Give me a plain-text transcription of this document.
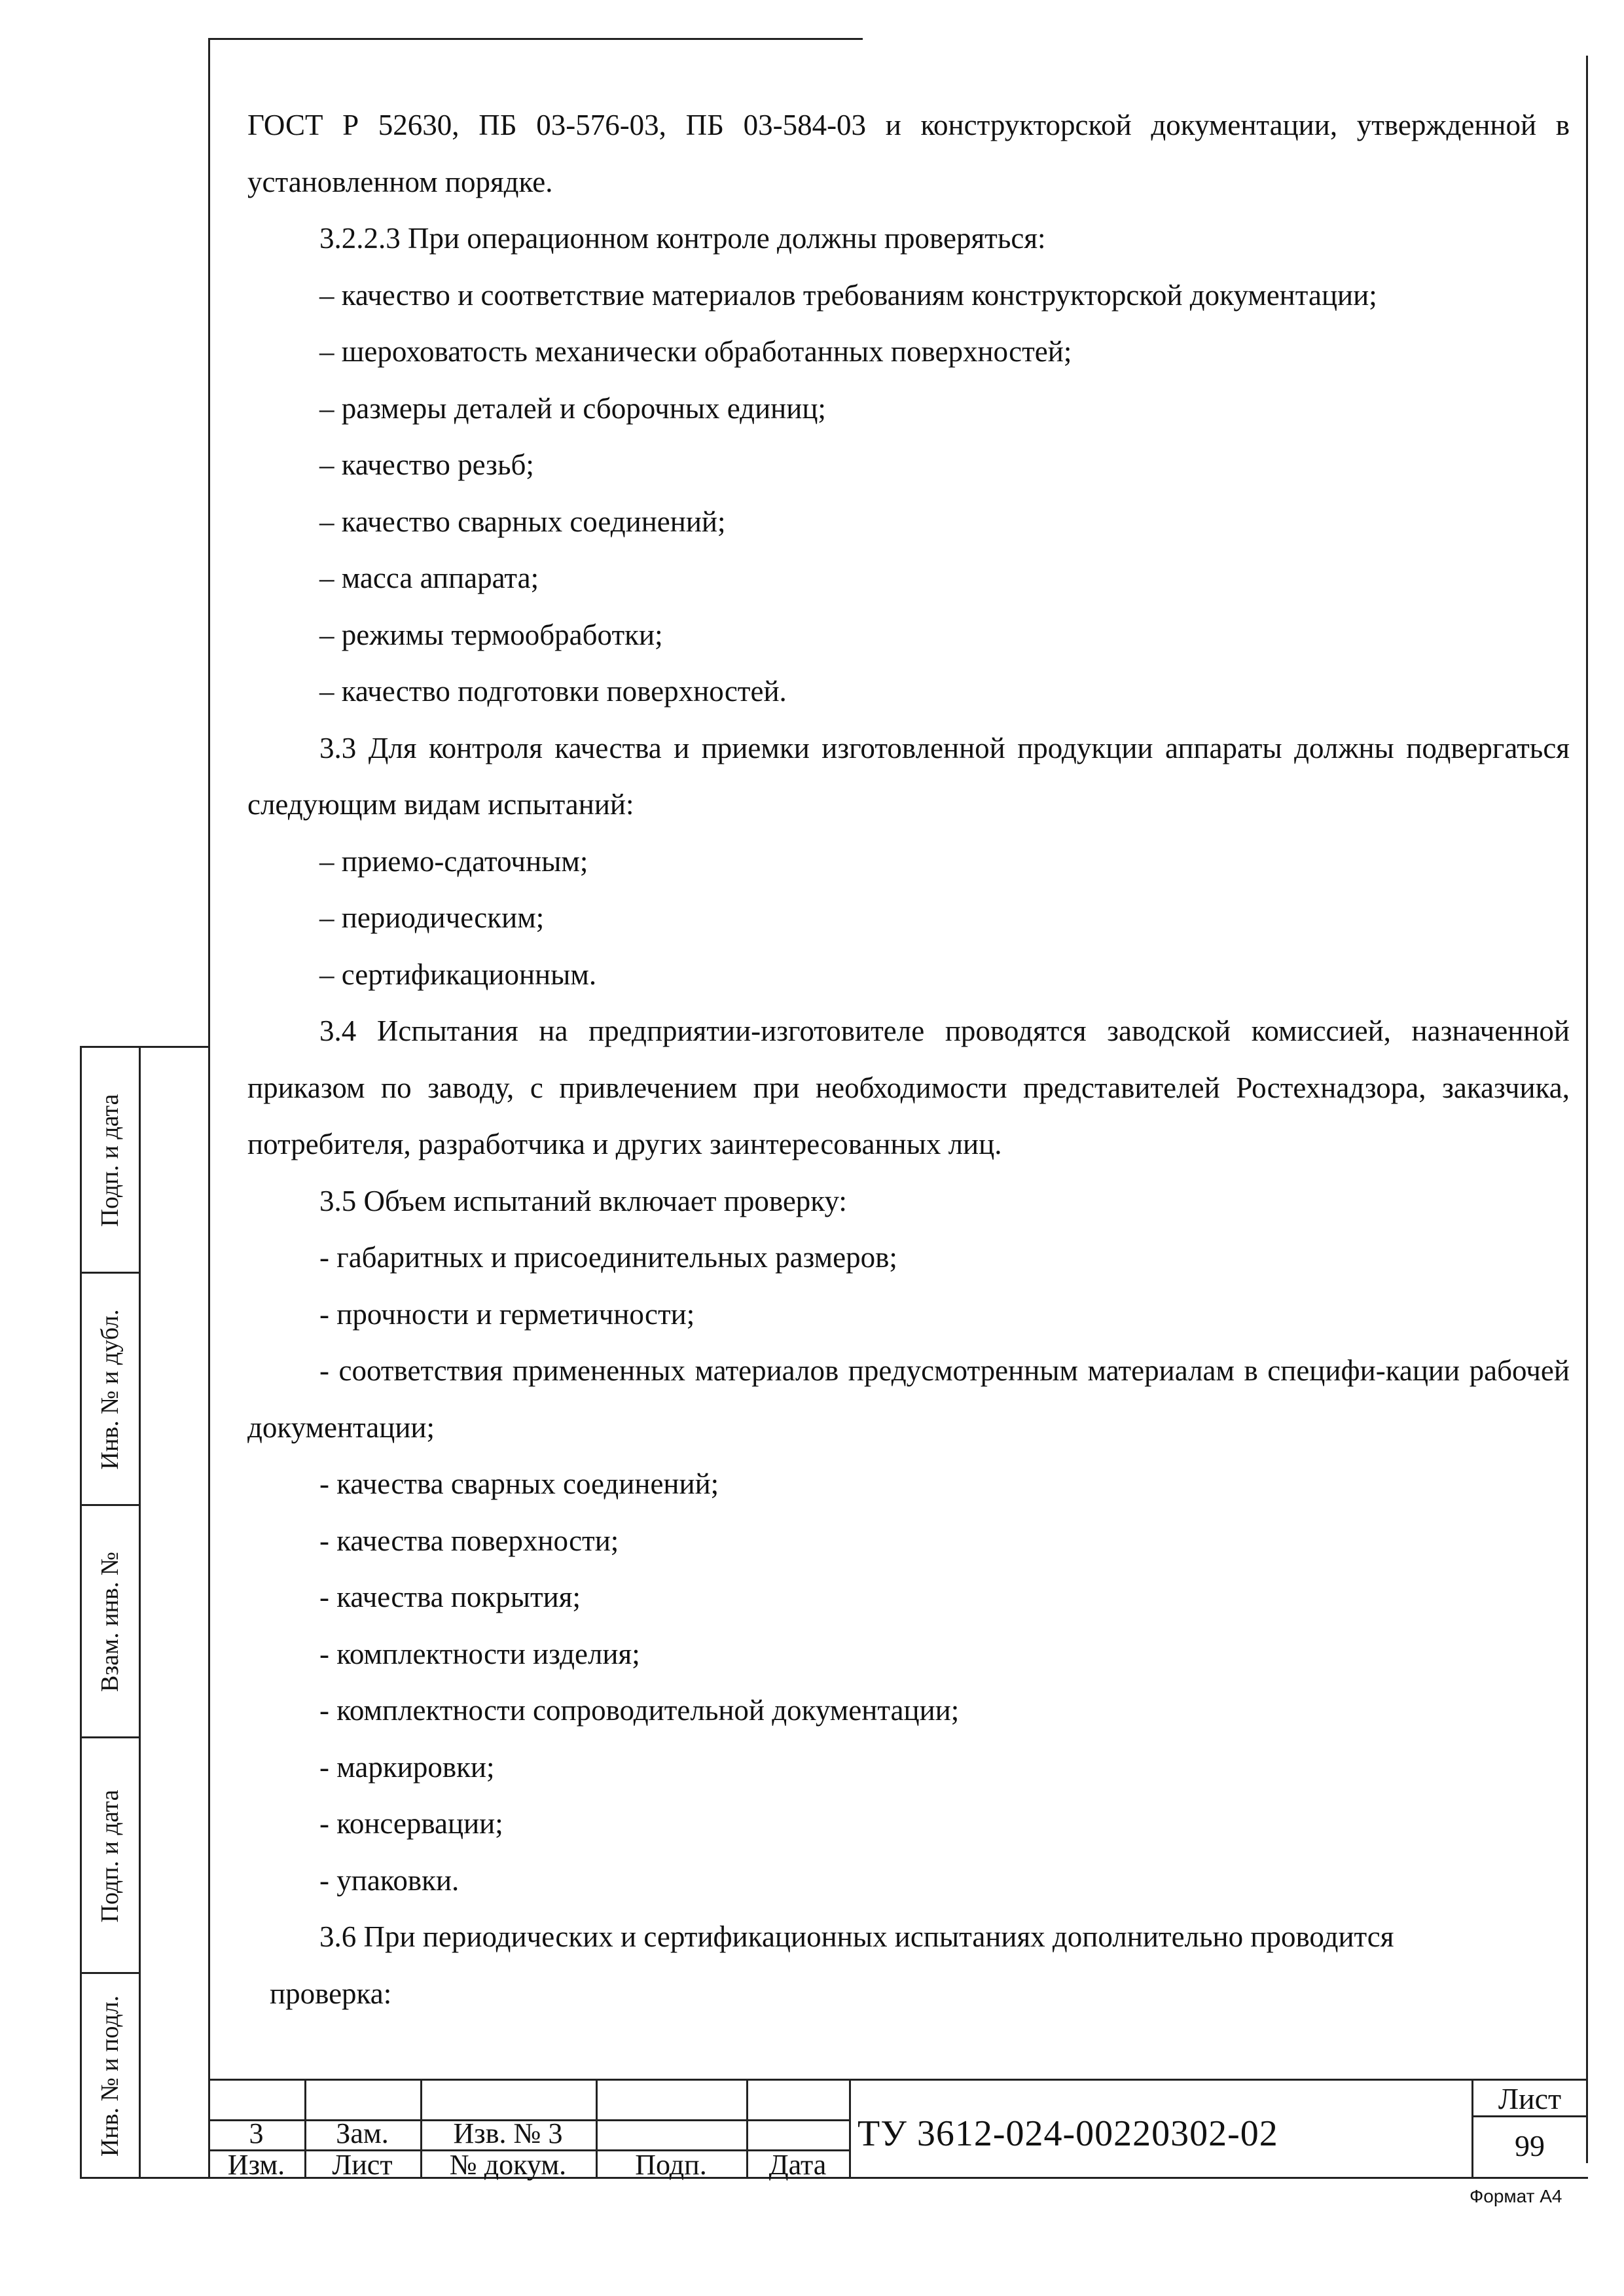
ГОСТ Р 52630, ПБ 03-576-03, ПБ 03-584-03 и конструкторской документации, утвержденной в установленном порядке.

3.2.2.3 При операционном контроле должны проверяться:

– качество и соответствие материалов требованиям конструкторской документации;

– шероховатость механически обработанных поверхностей;

– размеры деталей и сборочных единиц;

– качество резьб;

– качество сварных соединений;

– масса аппарата;

– режимы термообработки;

– качество подготовки поверхностей.

3.3 Для контроля качества и приемки изготовленной продукции аппараты должны подвергаться следующим видам испытаний:

– приемо-сдаточным;

– периодическим;

– сертификационным.

3.4 Испытания на предприятии-изготовителе проводятся заводской комиссией, назначенной приказом по заводу, с привлечением при необходимости представителей Ростехнадзора, заказчика, потребителя, разработчика и других заинтересованных лиц.

3.5 Объем испытаний включает проверку:

- габаритных и присоединительных размеров;

- прочности и герметичности;

- соответствия примененных материалов предусмотренным материалам в специфи-кации рабочей документации;

- качества сварных соединений;

- качества поверхности;

- качества покрытия;

- комплектности изделия;

- комплектности сопроводительной документации;

- маркировки;

- консервации;

- упаковки.

3.6 При периодических и сертификационных испытаниях дополнительно проводится

проверка:

Подп. и дата
Инв. № и дубл.
Взам. инв. №
Подп. и дата
Инв. № и подл.	3	Зам.	Изв. № 3
Изм.	Лист	№ докум.	Подп.	Дата
ТУ 3612-024-00220302-02
Лист
99
Формат А4
